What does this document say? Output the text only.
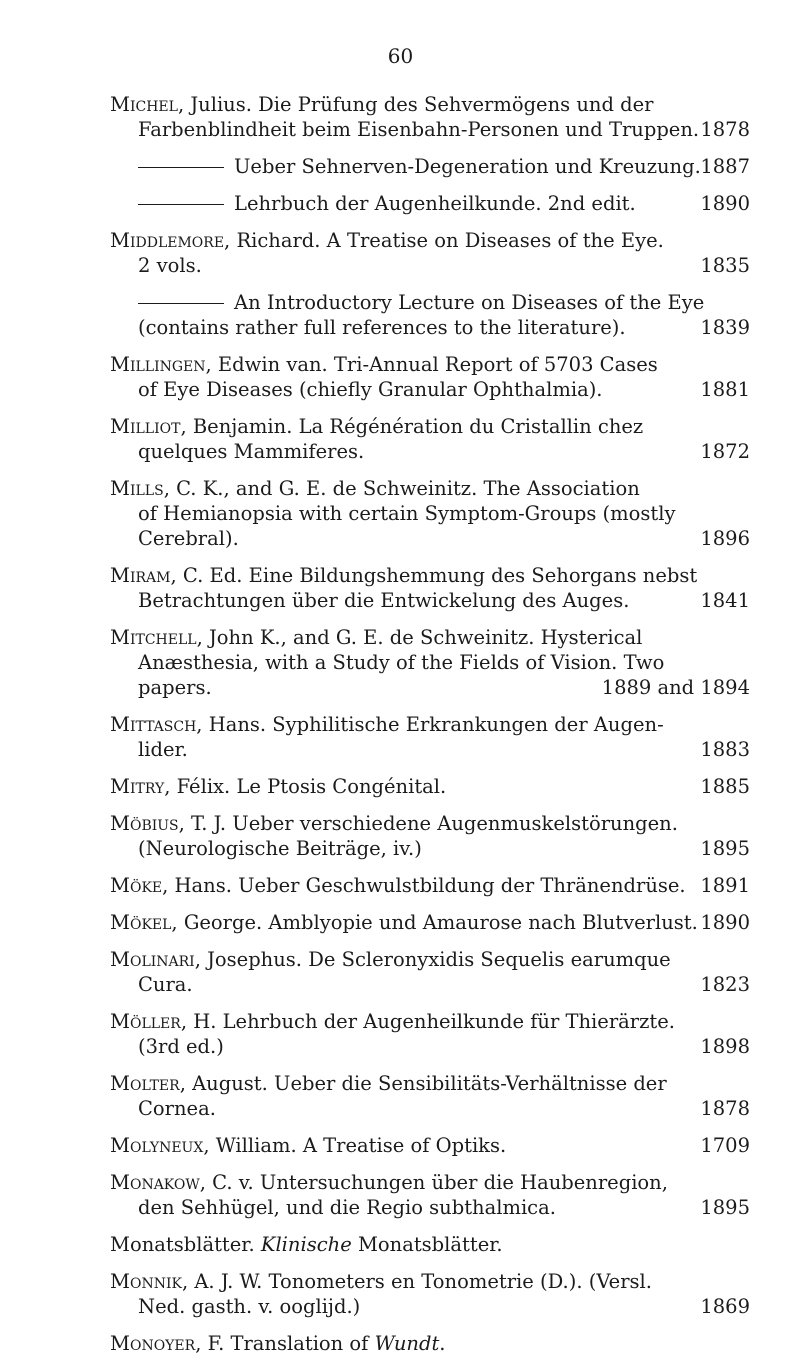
60
Michel, Julius. Die Prüfung des Sehvermögens und der
Farbenblindheit beim Eisenbahn-Personen und Truppen. 1878
Ueber Sehnerven-Degeneration und Kreuzung. 1887
Lehrbuch der Augenheilkunde. 2nd edit.	1890
Middlemore, Richard. A Treatise on Diseases of the Eye.
2 vols.	1835
An Introductory Lecture on Diseases of the Eye
(contains rather full references to the literature).	1839
Millingen, Edwin van. Tri-Annual Report of 5703 Cases
of Eye Diseases (chiefly Granular Ophthalmia).	1881
Milliot, Benjamin. La Régénération du Cristallin chez
quelques Mammiferes.	1872
Mills, C. K., and G. E. de Schweinitz. The Association
of Hemianopsia with certain Symptom-Groups (mostly
Cerebral).	1896
Miram, C. Ed. Eine Bildungshemmung des Sehorgans nebst
Betrachtungen über die Entwickelung des Auges.	1841
Mitchell, John K., and G. E. de Schweinitz. Hysterical
Anæsthesia, with a Study of the Fields of Vision. Two
papers.	1889 and 1894
Mittasch, Hans. Syphilitische Erkrankungen der Augen-
lider.	1883
Mitry, Félix. Le Ptosis Congénital.	1885
Möbius, T. J. Ueber verschiedene Augenmuskelstörungen.
(Neurologische Beiträge, iv.)	1895
Möke, Hans. Ueber Geschwulstbildung der Thränendrüse. 1891
Mökel, George. Amblyopie und Amaurose nach Blutverlust. 1890
Molinari, Josephus. De Scleronyxidis Sequelis earumque
Cura.	1823
Möller, H. Lehrbuch der Augenheilkunde für Thierärzte.
(3rd ed.)	1898
Molter, August. Ueber die Sensibilitäts-Verhältnisse der
Cornea.	1878
Molyneux, William. A Treatise of Optiks.	1709
Monakow, C. v. Untersuchungen über die Haubenregion,
den Sehhügel, und die Regio subthalmica.	1895
Monatsblätter. Klinische Monatsblätter.
Monnik, A. J. W. Tonometers en Tonometrie (D.). (Versl.
Ned. gasth. v. ooglijd.)	1869
Monoyer, F. Translation of Wundt.
